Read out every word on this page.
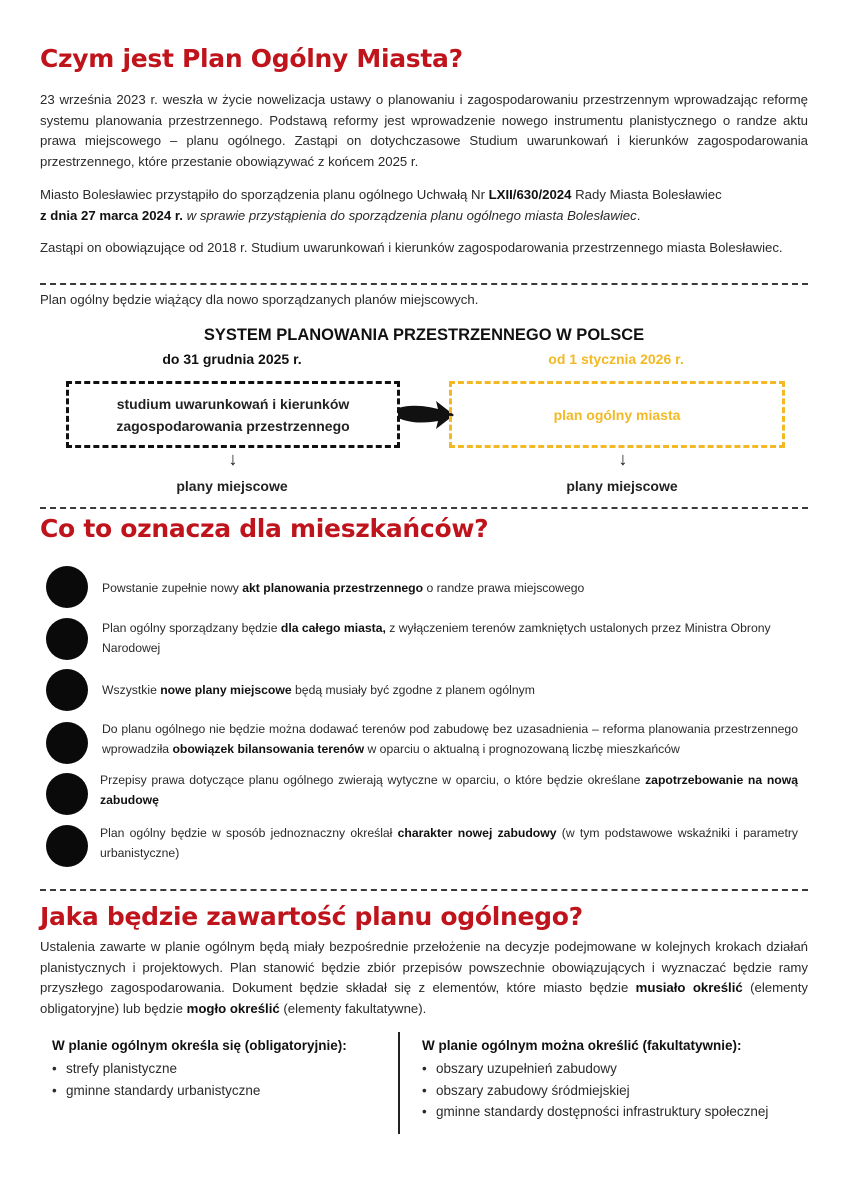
Czym jest Plan Ogólny Miasta?

23 września 2023 r. weszła w życie nowelizacja ustawy o planowaniu i zagospodarowaniu przestrzennym wprowadzając reformę systemu planowania przestrzennego. Podstawą reformy jest wprowadzenie nowego instrumentu planistycznego o randze aktu prawa miejscowego – planu ogólnego. Zastąpi on dotychczasowe Studium uwarunkowań i kierunków zagospodarowania przestrzennego, które przestanie obowiązywać z końcem 2025 r.

Miasto Bolesławiec przystąpiło do sporządzenia planu ogólnego Uchwałą Nr LXII/630/2024 Rady Miasta Bolesławiec
z dnia 27 marca 2024 r. w sprawie przystąpienia do sporządzenia planu ogólnego miasta Bolesławiec.

Zastąpi on obowiązujące od 2018 r. Studium uwarunkowań i kierunków zagospodarowania przestrzennego miasta Bolesławiec.

Plan ogólny będzie wiążący dla nowo sporządzanych planów miejscowych.

SYSTEM PLANOWANIA PRZESTRZENNEGO W POLSCE
do 31 grudnia 2025 r.	od 1 stycznia 2026 r.
studium uwarunkowań i kierunków zagospodarowania przestrzennego
plan ogólny miasta
↓	↓
plany miejscowe	plany miejscowe
Co to oznacza dla mieszkańców?

Powstanie zupełnie nowy akt planowania przestrzennego o randze prawa miejscowego

Plan ogólny sporządzany będzie dla całego miasta, z wyłączeniem terenów zamkniętych ustalonych przez Ministra Obrony Narodowej

Wszystkie nowe plany miejscowe będą musiały być zgodne z planem ogólnym

Do planu ogólnego nie będzie można dodawać terenów pod zabudowę bez uzasadnienia – reforma planowania przestrzennego wprowadziła obowiązek bilansowania terenów w oparciu o aktualną i prognozowaną liczbę mieszkańców

Przepisy prawa dotyczące planu ogólnego zwierają wytyczne w oparciu, o które będzie określane zapotrzebowanie na nową zabudowę

Plan ogólny będzie w sposób jednoznaczny określał charakter nowej zabudowy (w tym podstawowe wskaźniki i parametry urbanistyczne)

Jaka będzie zawartość planu ogólnego?

Ustalenia zawarte w planie ogólnym będą miały bezpośrednie przełożenie na decyzje podejmowane w kolejnych krokach działań planistycznych i projektowych. Plan stanowić będzie zbiór przepisów powszechnie obowiązujących i wyznaczać będzie ramy przyszłego zagospodarowania. Dokument będzie składał się z elementów, które miasto będzie musiało określić (elementy obligatoryjne) lub będzie mogło określić (elementy fakultatywne).

W planie ogólnym określa się (obligatoryjnie):
• strefy planistyczne
• gminne standardy urbanistyczne
W planie ogólnym można określić (fakultatywnie):
• obszary uzupełnień zabudowy
• obszary zabudowy śródmiejskiej
• gminne standardy dostępności infrastruktury społecznej
